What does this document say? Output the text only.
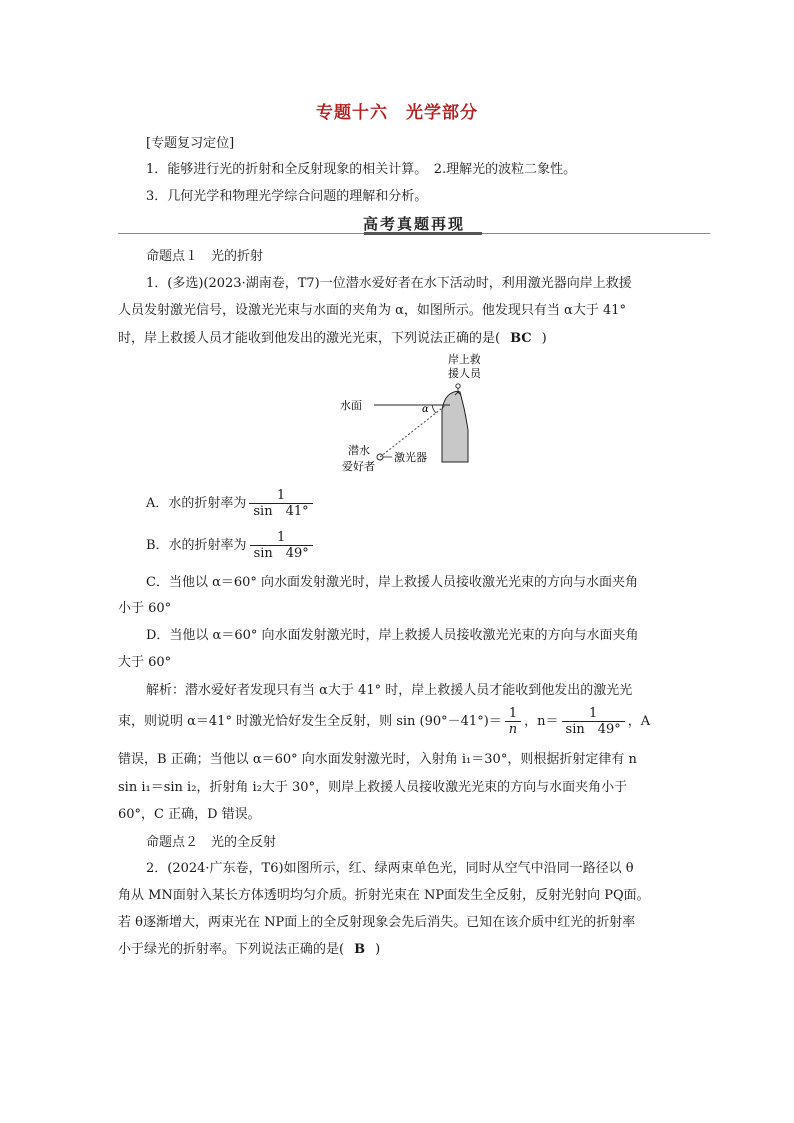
专题十六　光学部分
[专题复习定位]
1．能够进行光的折射和全反射现象的相关计算。　2.理解光的波粒二象性。
3．几何光学和物理光学综合问题的理解和分析。
高考真题再现
命题点１　光的折射
1．(多选)(2023·湖南卷，T7)一位潜水爱好者在水下活动时，利用激光器向岸上救援
人员发射激光信号，设激光光束与水面的夹角为 α，如图所示。他发现只有当 α大于 41°
时，岸上救援人员才能收到他发出的激光光束，下列说法正确的是( BC )
岸上救
援人员
水面	α
潜水
爱好者
激光器
A．水的折射率为 $\frac{1}{\sin 41^\circ}$
B．水的折射率为 $\frac{1}{\sin 49^\circ}$
C．当他以 α＝60° 向水面发射激光时，岸上救援人员接收激光光束的方向与水面夹角
小于 60°
D．当他以 α＝60° 向水面发射激光时，岸上救援人员接收激光光束的方向与水面夹角
大于 60°
解析：潜水爱好者发现只有当 α大于 41° 时，岸上救援人员才能收到他发出的激光光
束，则说明 α＝41° 时激光恰好发生全反射，则 $\sin (90^\circ-41^\circ)= \frac{1}{n}$ ，$n= \frac{1}{\sin 49^\circ}$ ，A
错误，B 正确；当他以 α＝60° 向水面发射激光时，入射角 i₁＝30°，则根据折射定律有 n
sin i₁＝sin i₂，折射角 i₂大于 30°，则岸上救援人员接收激光光束的方向与水面夹角小于
60°，C 正确，D 错误。
命题点２　光的全反射
2．(2024·广东卷，T6)如图所示，红、绿两束单色光，同时从空气中沿同一路径以 θ
角从 MN面射入某长方体透明均匀介质。折射光束在 NP面发生全反射，反射光射向 PQ面。
若 θ逐渐增大，两束光在 NP面上的全反射现象会先后消失。已知在该介质中红光的折射率
小于绿光的折射率。下列说法正确的是( B )
